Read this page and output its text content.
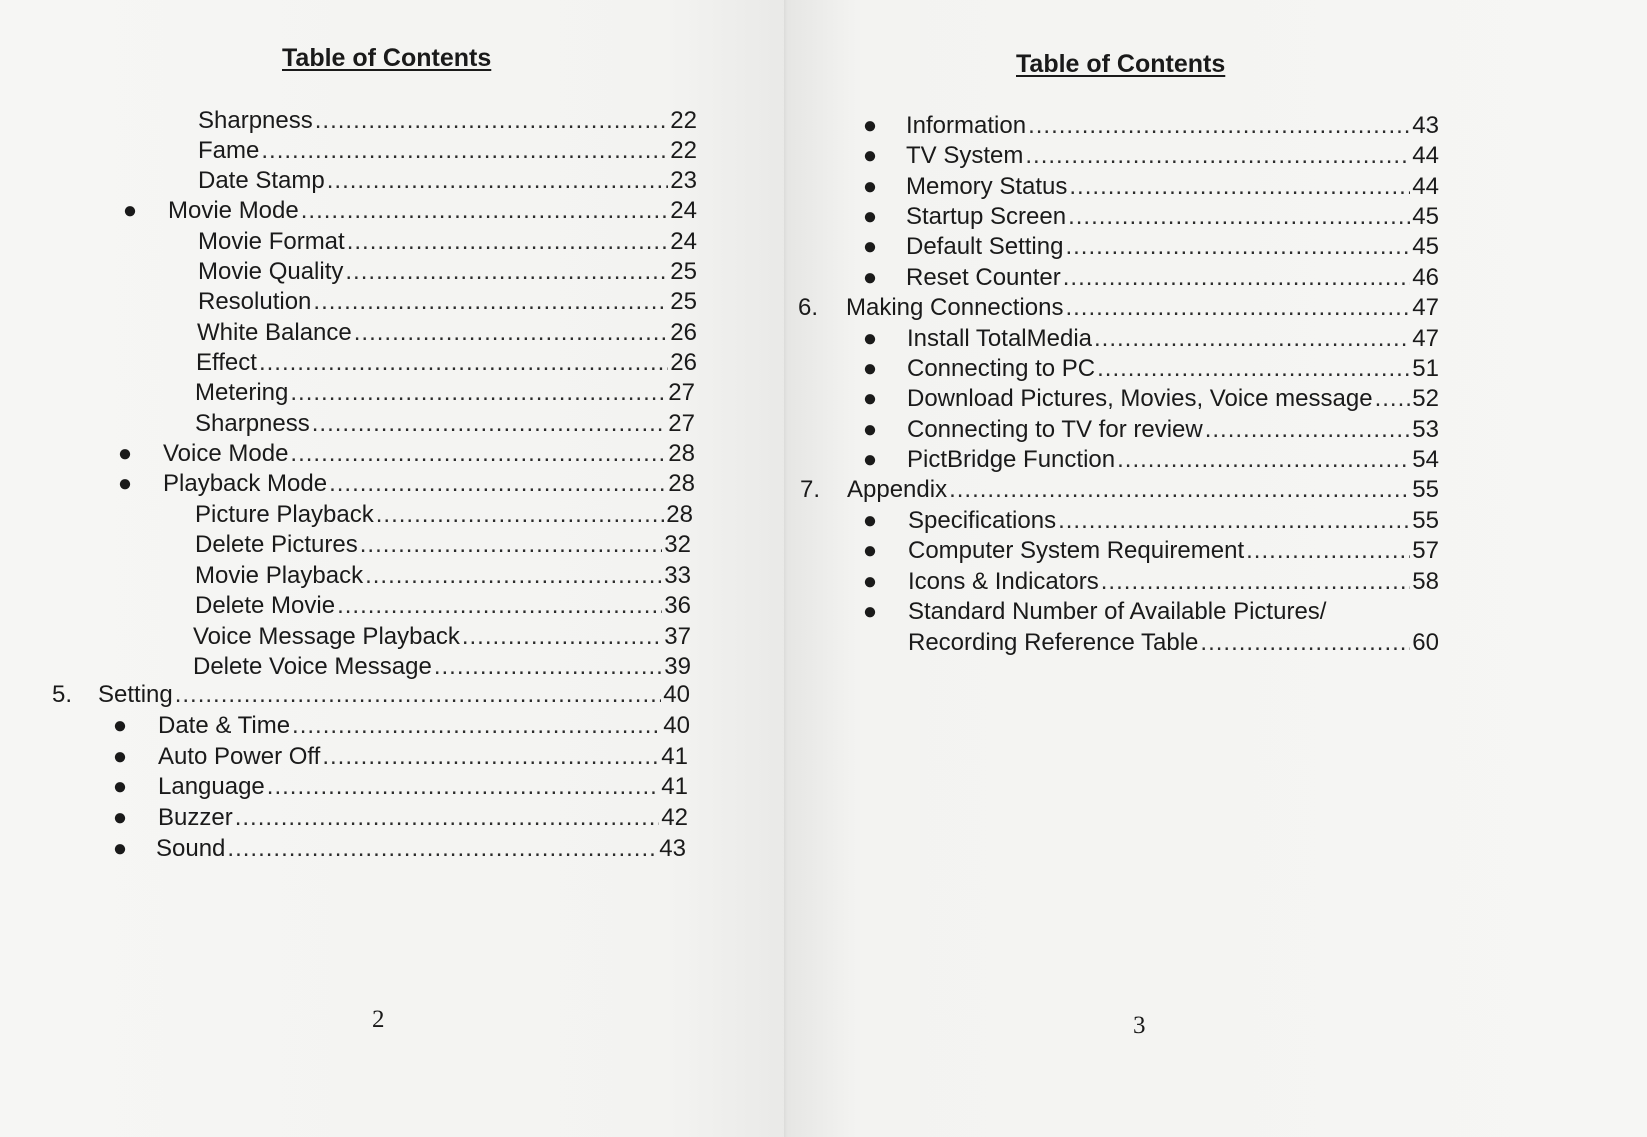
Table of Contents
Sharpness .....	22
Fame .....	22
Date Stamp .....	23
● Movie Mode .....	24
Movie Format .....	24
Movie Quality .....	25
Resolution .....	25
White Balance .....	26
Effect .....	26
Metering .....	27
Sharpness .....	27
● Voice Mode .....	28
● Playback Mode .....	28
Picture Playback .....	28
Delete Pictures .....	32
Movie Playback .....	33
Delete Movie .....	36
Voice Message Playback .....	37
Delete Voice Message .....	39
5. Setting .....	40
● Date & Time .....	40
● Auto Power Off .....	41
● Language .....	41
● Buzzer .....	42
● Sound .....	43
2
Table of Contents
● Information .....	43
● TV System .....	44
● Memory Status .....	44
● Startup Screen .....	45
● Default Setting .....	45
● Reset Counter .....	46
6. Making Connections .....	47
● Install TotalMedia .....	47
● Connecting to PC .....	51
● Download Pictures, Movies, Voice message ..... 52
● Connecting to TV for review .....	53
● PictBridge Function .....	54
7. Appendix .....	55
● Specifications .....	55
● Computer System Requirement .....	57
● Icons & Indicators .....	58
● Standard Number of Available Pictures/
Recording Reference Table .....	60
3
